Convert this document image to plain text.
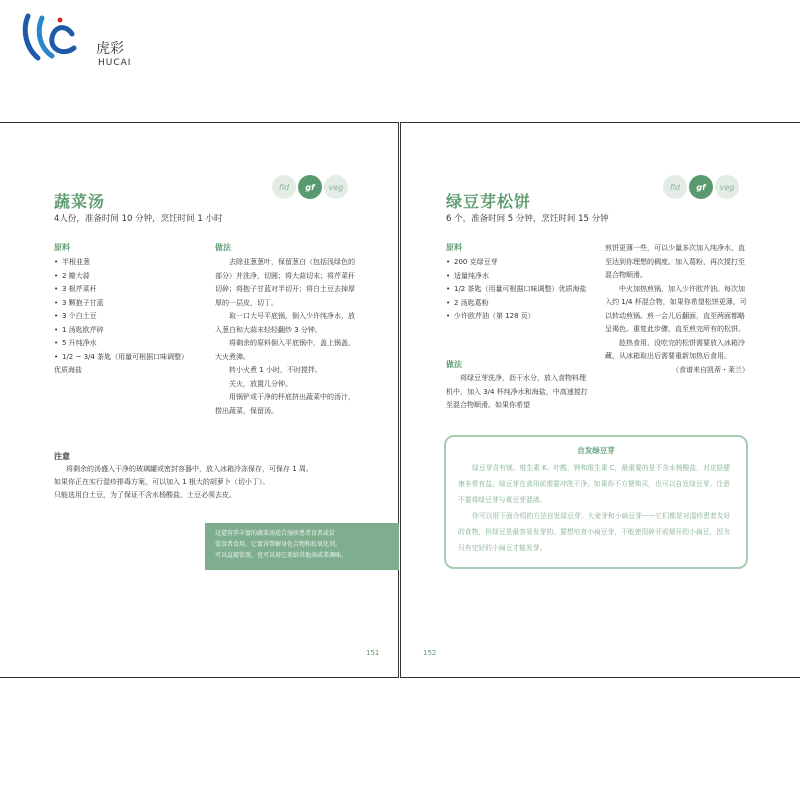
虎彩
HUCAI
fid	gf	veg
蔬菜汤
4人份，准备时间 10 分钟，烹饪时间 1 小时
原料
• 半根韭葱
• 2 瓣大蒜
• 3 根芹菜秆
• 3 颗抱子甘蓝
• 3 个白土豆
• 1 汤匙欧芹碎
• 5 升纯净水
• 1/2 ~ 3/4 茶匙（用量可根据口味调整）
优质海盐
做法

去除韭葱葱叶，保留葱白（包括浅绿色的部分）并洗净，切圆；将大蒜切末；将芹菜秆切碎；将抱子甘蓝对半切开；将白土豆去掉厚厚的一层皮，切丁。

取一口大号平底锅，倒入少许纯净水，放入葱白和大蒜末轻轻翻炒 3 分钟。

将剩余的原料倒入平底锅中，盖上锅盖，大火煮沸。

转小火煮 1 小时，不时搅拌。

关火，放置几分钟。

用锅铲或干净的杯底挤出蔬菜中的汤汁，捞出蔬菜，保留汤。

注意

将剩余的汤盛入干净的玻璃罐或密封容器中，放入冰箱冷冻保存，可保存 1 周。

如果你正在实行湿疹排毒方案，可以加入 1 根大的胡萝卜（切小丁）。

只能选用白土豆，为了保证不含水杨酸盐，土豆必须去皮。

这道营养丰富的蔬菜汤适合湿疹患者食者或贫

爱食者食用，它富含帮解身化合物和抗氧化剂。

可以直接饮用，也可以用它来给其他汤或菜调味。

151
fid	gf	veg
绿豆芽松饼
6 个，准备时间 5 分钟，烹饪时间 15 分钟
原料
• 200 克绿豆芽
• 适量纯净水
• 1/2 茶匙（用量可根据口味调整）优质海盐
• 2 汤匙葛粉
• 少许欧芹油（第 128 页）
做法

将绿豆芽洗净，沥干水分，放入食物料理机中，加入 3/4 杯纯净水和海盐，中高速搅打至混合物顺滑。如果你希望

煎饼更薄一些，可以少量多次加入纯净水，直至达到你理想的稠度。加入葛粉，再次搅打至混合物顺滑。

中火加热煎锅，加入少许欧芹油。每次加入约 1/4 杯混合物，如果你希望松饼更薄，可以转动煎锅。煎一会儿后翻面，直至两面都略呈褐色。重复此步骤，直至煎完所有的松饼。

趁热食用，没吃完的松饼需要放入冰箱冷藏，从冰箱取出后需要重新加热后食用。

（食谱来自凯蒂・莱兰）

自发绿豆芽

绿豆芽含有镁、维生素 K、叶酸、钾和维生素 C，最重要的是不含水杨酸盐，对皮肤健康非常有益。绿豆芽在食用前需要冲洗干净。如果你不方便购买，也可以自发绿豆芽。注意不要将绿豆芽与黄豆芽混淆。

你可以用下面介绍的方法自发绿豆芽、大麦芽和小扁豆芽——它们都是对湿疹患者友好的食物，但绿豆是最容易发芽的。要想培育小扁豆芽，不能使用碎开或掰开的小扁豆，因为只有完好的小扁豆才能发芽。

152
